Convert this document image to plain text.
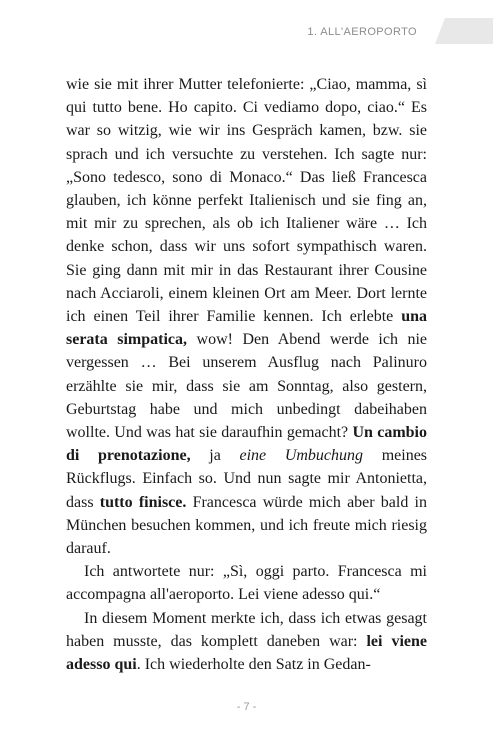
1. ALL'AEROPORTO

wie sie mit ihrer Mutter telefonierte: „Ciao, mamma, sì qui tutto bene. Ho capito. Ci vediamo dopo, ciao.“ Es war so witzig, wie wir ins Gespräch kamen, bzw. sie sprach und ich versuchte zu verstehen. Ich sagte nur: „Sono tedesco, sono di Monaco.“ Das ließ Francesca glauben, ich könne perfekt Italienisch und sie fing an, mit mir zu sprechen, als ob ich Italiener wäre … Ich denke schon, dass wir uns sofort sympathisch waren. Sie ging dann mit mir in das Restaurant ihrer Cousine nach Acciaroli, einem kleinen Ort am Meer. Dort lernte ich einen Teil ihrer Familie kennen. Ich erlebte una serata simpatica, wow! Den Abend werde ich nie vergessen … Bei unserem Ausflug nach Palinuro erzählte sie mir, dass sie am Sonntag, also gestern, Geburtstag habe und mich unbedingt dabeihaben wollte. Und was hat sie daraufhin gemacht? Un cambio di prenotazione, ja eine Umbuchung meines Rückflugs. Einfach so. Und nun sagte mir Antonietta, dass tutto finisce. Francesca würde mich aber bald in München besuchen kommen, und ich freute mich riesig darauf.

Ich antwortete nur: „Sì, oggi parto. Francesca mi accompagna all'aeroporto. Lei viene adesso qui.“

In diesem Moment merkte ich, dass ich etwas gesagt haben musste, das komplett daneben war: lei viene adesso qui. Ich wiederholte den Satz in Gedan-

- 7 -
